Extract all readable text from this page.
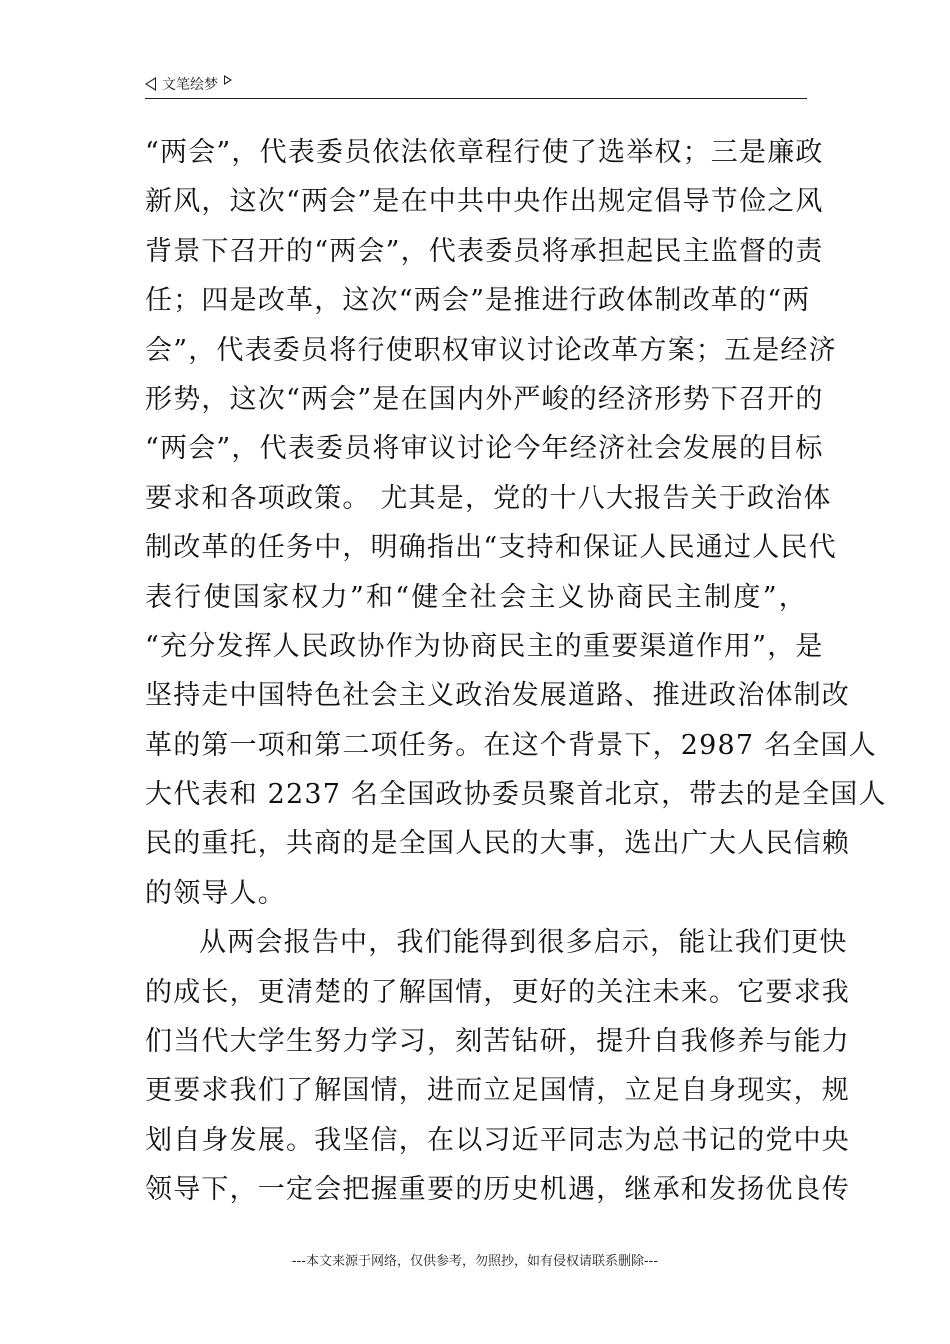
文笔绘梦
“两会”，代表委员依法依章程行使了选举权；三是廉政
新风，这次“两会”是在中共中央作出规定倡导节俭之风
背景下召开的“两会”，代表委员将承担起民主监督的责
任；四是改革，这次“两会”是推进行政体制改革的“两
会”，代表委员将行使职权审议讨论改革方案；五是经济
形势，这次“两会”是在国内外严峻的经济形势下召开的
“两会”，代表委员将审议讨论今年经济社会发展的目标
要求和各项政策。 尤其是，党的十八大报告关于政治体
制改革的任务中，明确指出“支持和保证人民通过人民代
表行使国家权力”和“健全社会主义协商民主制度”，
“充分发挥人民政协作为协商民主的重要渠道作用”，是
坚持走中国特色社会主义政治发展道路、推进政治体制改
革的第一项和第二项任务。在这个背景下，2987 名全国人
大代表和 2237 名全国政协委员聚首北京，带去的是全国人
民的重托，共商的是全国人民的大事，选出广大人民信赖
的领导人。
从两会报告中，我们能得到很多启示，能让我们更快
的成长，更清楚的了解国情，更好的关注未来。它要求我
们当代大学生努力学习，刻苦钻研，提升自我修养与能力
更要求我们了解国情，进而立足国情，立足自身现实，规
划自身发展。我坚信，在以习近平同志为总书记的党中央
领导下，一定会把握重要的历史机遇，继承和发扬优良传
---本文来源于网络，仅供参考，勿照抄，如有侵权请联系删除---
